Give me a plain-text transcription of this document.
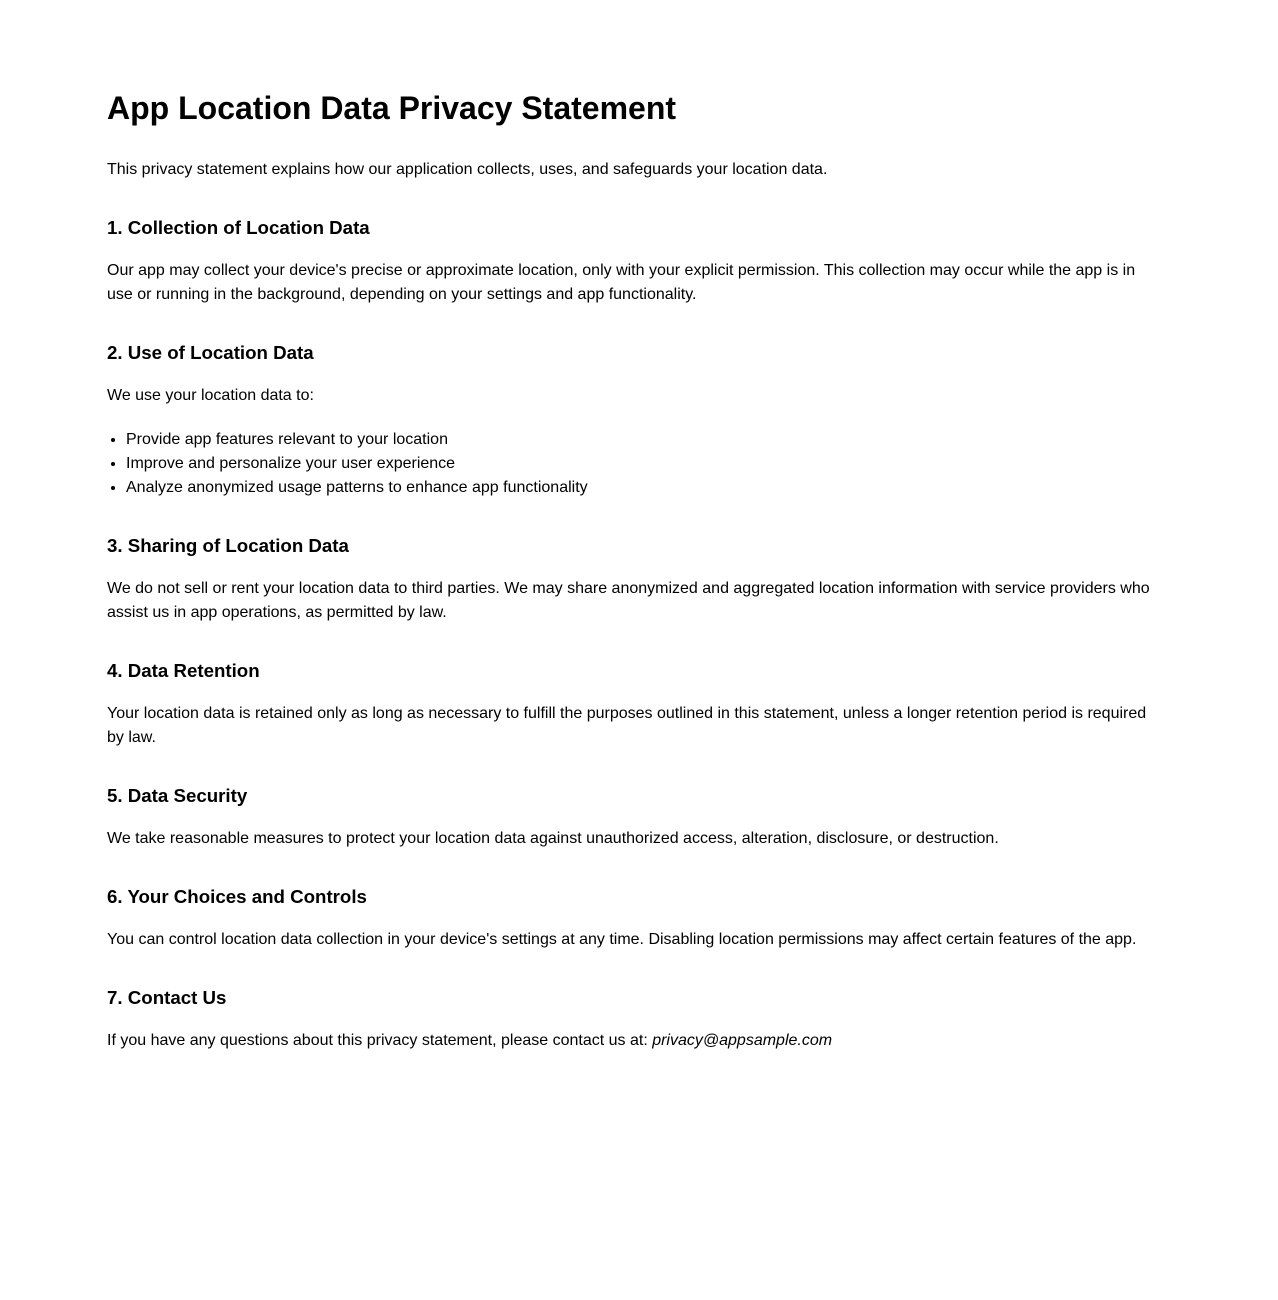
App Location Data Privacy Statement

This privacy statement explains how our application collects, uses, and safeguards your location data.

1. Collection of Location Data

Our app may collect your device's precise or approximate location, only with your explicit permission. This collection may occur while the app is in use or running in the background, depending on your settings and app functionality.

2. Use of Location Data

We use your location data to:

• Provide app features relevant to your location
• Improve and personalize your user experience
• Analyze anonymized usage patterns to enhance app functionality
3. Sharing of Location Data

We do not sell or rent your location data to third parties. We may share anonymized and aggregated location information with service providers who assist us in app operations, as permitted by law.

4. Data Retention

Your location data is retained only as long as necessary to fulfill the purposes outlined in this statement, unless a longer retention period is required by law.

5. Data Security

We take reasonable measures to protect your location data against unauthorized access, alteration, disclosure, or destruction.

6. Your Choices and Controls

You can control location data collection in your device's settings at any time. Disabling location permissions may affect certain features of the app.

7. Contact Us

If you have any questions about this privacy statement, please contact us at: privacy@appsample.com
